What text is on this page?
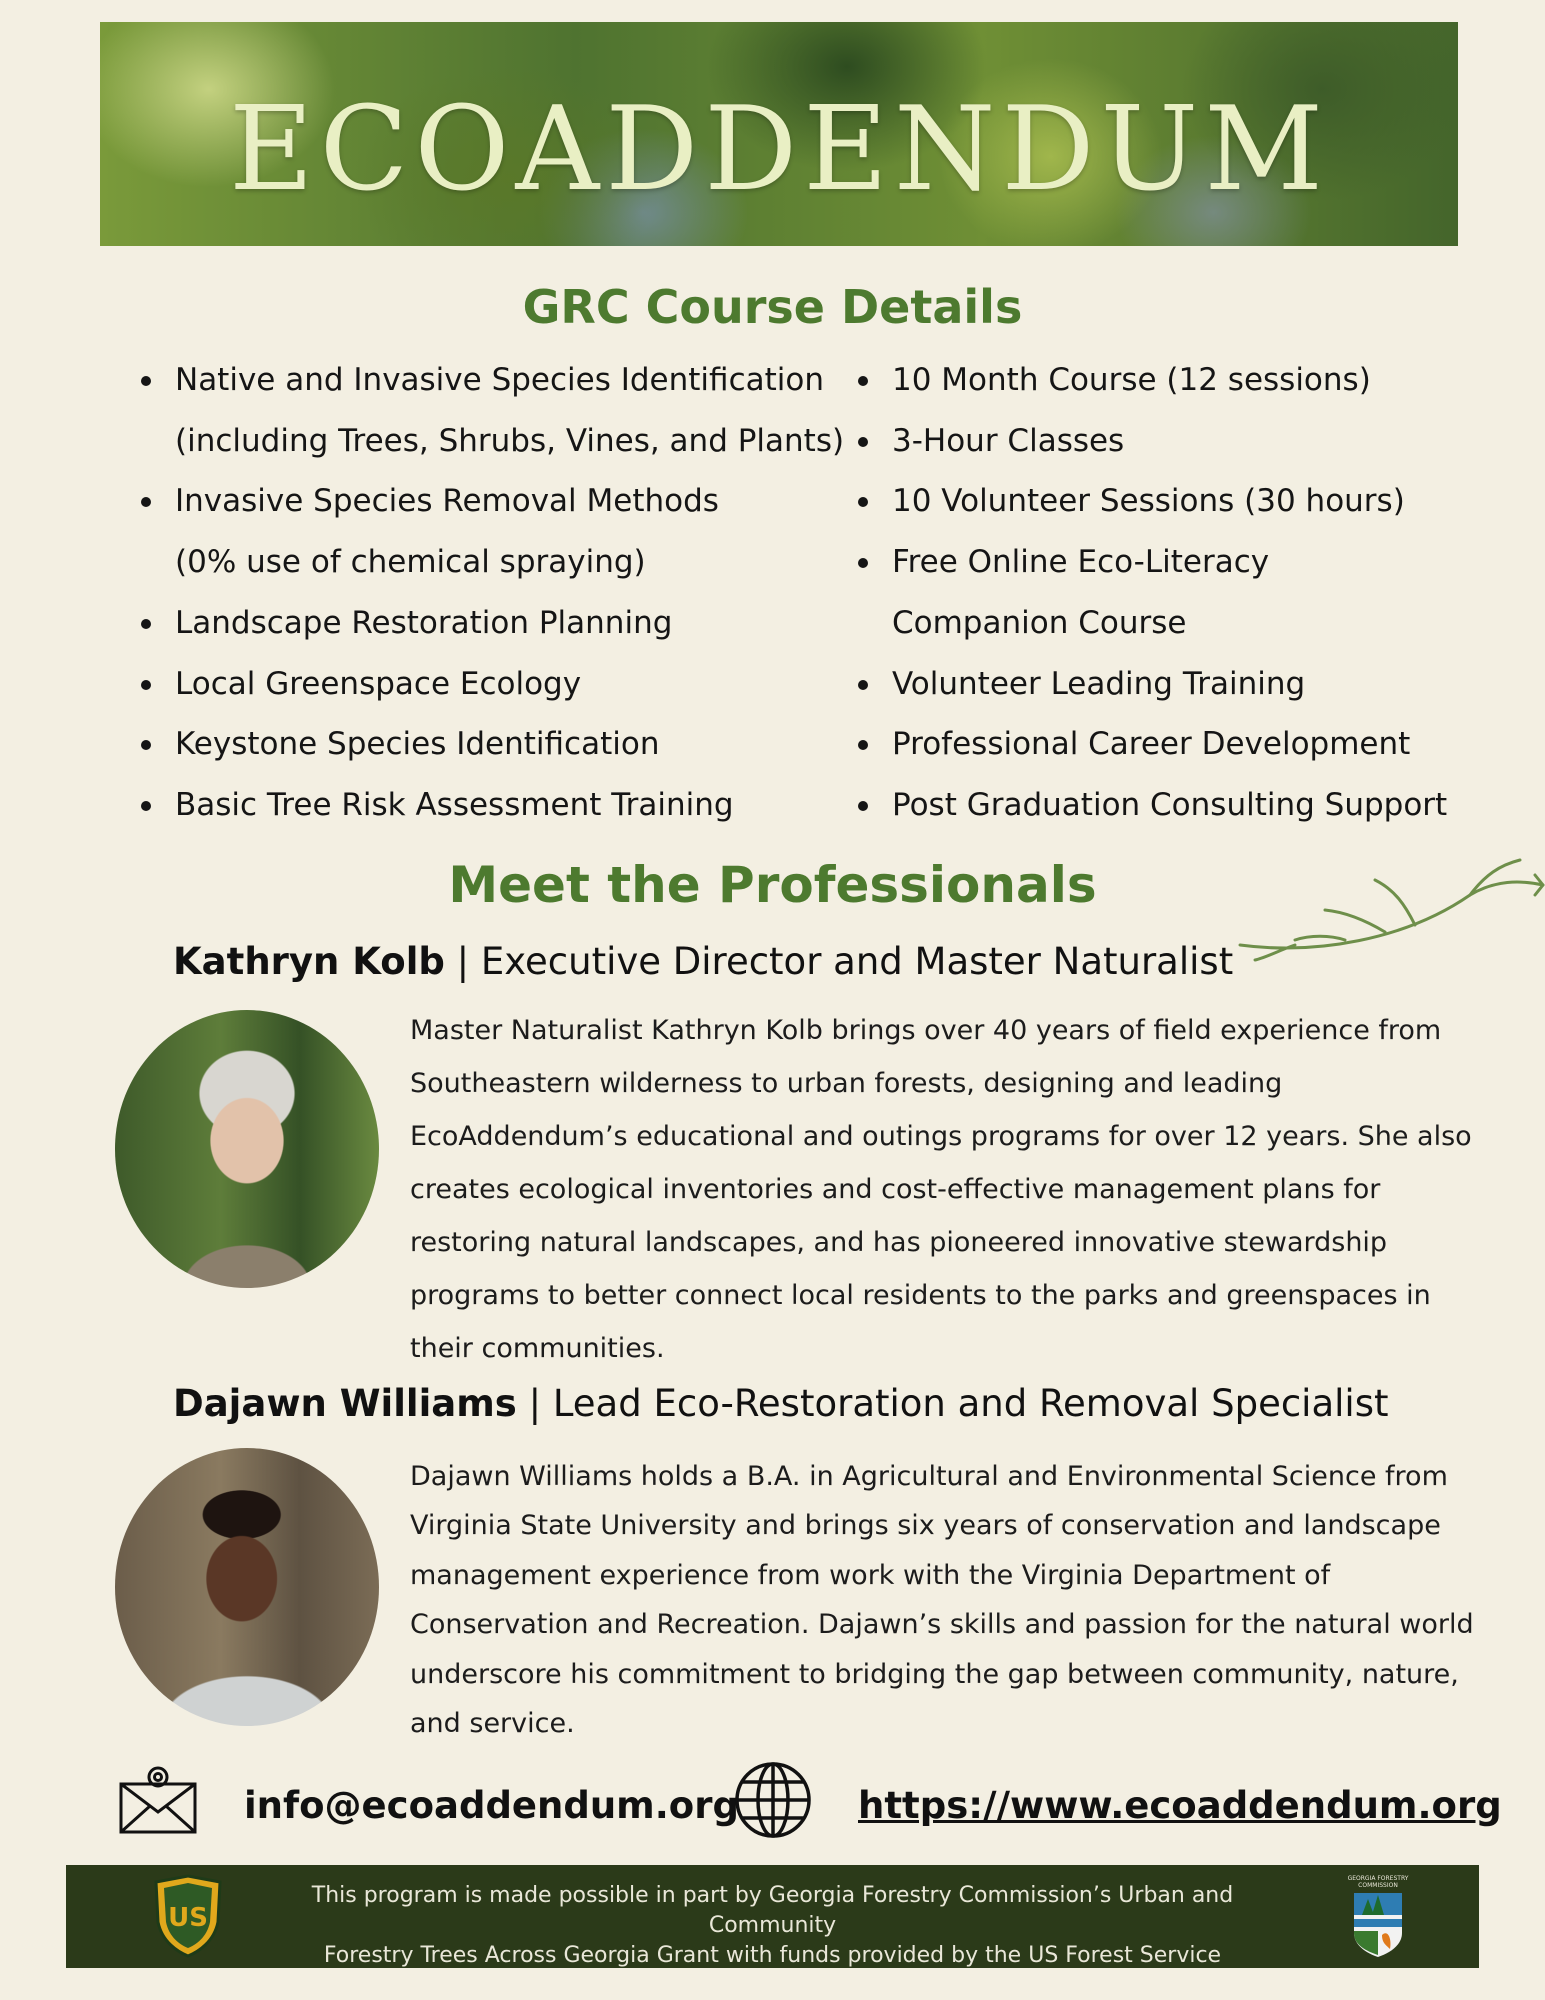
ECOADDENDUM
GRC Course Details
Native and Invasive Species Identification
(including Trees, Shrubs, Vines, and Plants)
Invasive Species Removal Methods
(0% use of chemical spraying)
Landscape Restoration Planning
Local Greenspace Ecology
Keystone Species Identification
Basic Tree Risk Assessment Training
10 Month Course (12 sessions)
3-Hour Classes
10 Volunteer Sessions (30 hours)
Free Online Eco-Literacy
Companion Course
Volunteer Leading Training
Professional Career Development
Post Graduation Consulting Support
Meet the Professionals
Kathryn Kolb | Executive Director and Master Naturalist
Master Naturalist Kathryn Kolb brings over 40 years of field experience from Southeastern wilderness to urban forests, designing and leading EcoAddendum’s educational and outings programs for over 12 years. She also creates ecological inventories and cost-effective management plans for restoring natural landscapes, and has pioneered innovative stewardship programs to better connect local residents to the parks and greenspaces in their communities.
Dajawn Williams | Lead Eco-Restoration and Removal Specialist
Dajawn Williams holds a B.A. in Agricultural and Environmental Science from Virginia State University and brings six years of conservation and landscape management experience from work with the Virginia Department of Conservation and Recreation. Dajawn’s skills and passion for the natural world underscore his commitment to bridging the gap between community, nature, and service.
info@ecoaddendum.org	https://www.ecoaddendum.org
US
This program is made possible in part by Georgia Forestry Commission’s Urban and Community
Forestry Trees Across Georgia Grant with funds provided by the US Forest Service
GEORGIA FORESTRY COMMISSION
